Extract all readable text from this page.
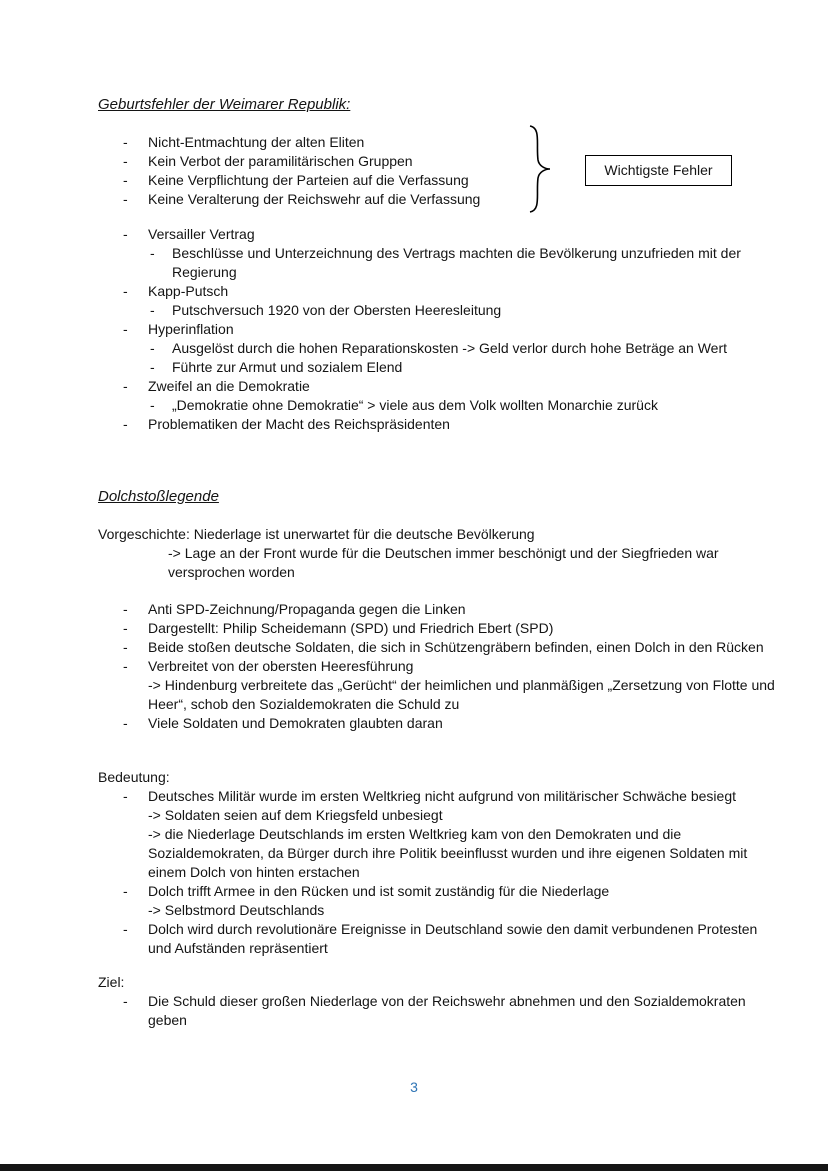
Geburtsfehler der Weimarer Republik:
-	Nicht-Entmachtung der alten Eliten
-	Kein Verbot der paramilitärischen Gruppen
-	Keine Verpflichtung der Parteien auf die Verfassung
-	Keine Veralterung der Reichswehr auf die Verfassung
-	Versailler Vertrag
-	Beschlüsse und Unterzeichnung des Vertrags machten die Bevölkerung unzufrieden mit der Regierung
-	Kapp-Putsch
-	Putschversuch 1920 von der Obersten Heeresleitung
-	Hyperinflation
-	Ausgelöst durch die hohen Reparationskosten -> Geld verlor durch hohe Beträge an Wert
-	Führte zur Armut und sozialem Elend
-	Zweifel an die Demokratie
-	„Demokratie ohne Demokratie“ > viele aus dem Volk wollten Monarchie zurück
-	Problematiken der Macht des Reichspräsidenten
Dolchstoßlegende
Vorgeschichte: Niederlage ist unerwartet für die deutsche Bevölkerung
-> Lage an der Front wurde für die Deutschen immer beschönigt und der Siegfrieden war versprochen worden
-	Anti SPD-Zeichnung/Propaganda gegen die Linken
-	Dargestellt: Philip Scheidemann (SPD) und Friedrich Ebert (SPD)
-	Beide stoßen deutsche Soldaten, die sich in Schützengräbern befinden, einen Dolch in den Rücken
-	Verbreitet von der obersten Heeresführung
-> Hindenburg verbreitete das „Gerücht“ der heimlichen und planmäßigen „Zersetzung von Flotte und Heer“, schob den Sozialdemokraten die Schuld zu
-	Viele Soldaten und Demokraten glaubten daran
Bedeutung:
-	Deutsches Militär wurde im ersten Weltkrieg nicht aufgrund von militärischer Schwäche besiegt
-> Soldaten seien auf dem Kriegsfeld unbesiegt
-> die Niederlage Deutschlands im ersten Weltkrieg kam von den Demokraten und die Sozialdemokraten, da Bürger durch ihre Politik beeinflusst wurden und ihre eigenen Soldaten mit einem Dolch von hinten erstachen
-	Dolch trifft Armee in den Rücken und ist somit zuständig für die Niederlage
-> Selbstmord Deutschlands
-	Dolch wird durch revolutionäre Ereignisse in Deutschland sowie den damit verbundenen Protesten und Aufständen repräsentiert
Ziel:
-	Die Schuld dieser großen Niederlage von der Reichswehr abnehmen und den Sozialdemokraten geben
Wichtigste Fehler
3
